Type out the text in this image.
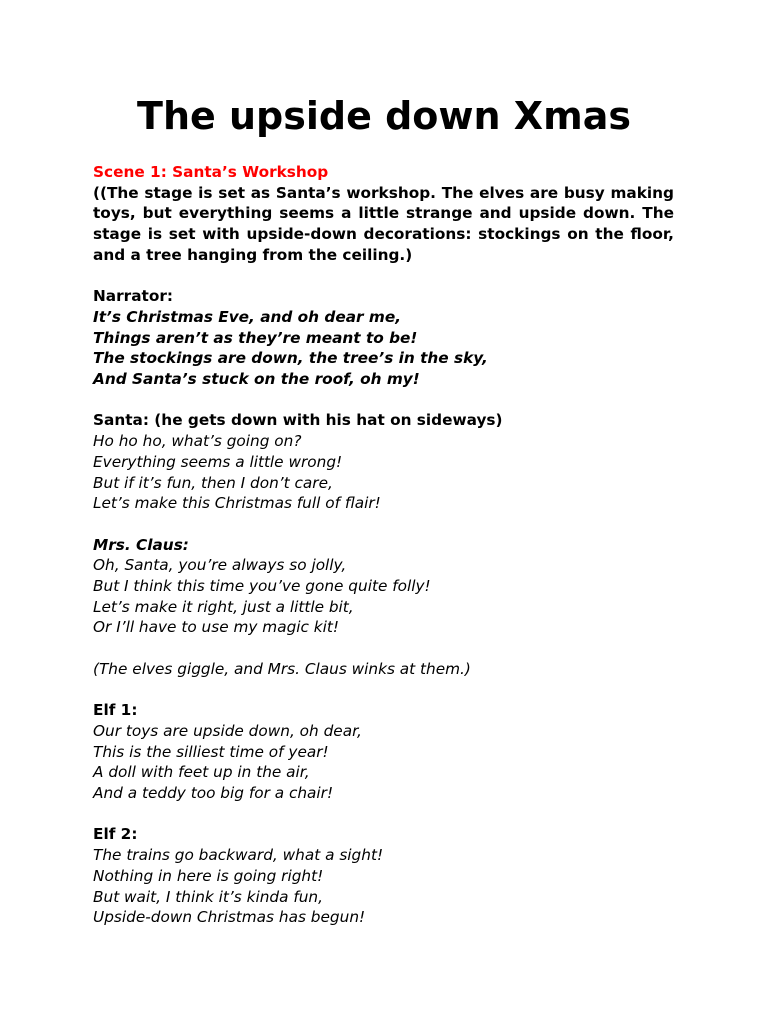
The upside down Xmas

Scene 1: Santa’s Workshop

((The stage is set as Santa’s workshop. The elves are busy making toys, but everything seems a little strange and upside down. The stage is set with upside-down decorations: stockings on the floor, and a tree hanging from the ceiling.)

Narrator:

It’s Christmas Eve, and oh dear me,

Things aren’t as they’re meant to be!

The stockings are down, the tree’s in the sky,

And Santa’s stuck on the roof, oh my!

Santa: (he gets down with his hat on sideways)

Ho ho ho, what’s going on?

Everything seems a little wrong!

But if it’s fun, then I don’t care,

Let’s make this Christmas full of flair!

Mrs. Claus:

Oh, Santa, you’re always so jolly,

But I think this time you’ve gone quite folly!

Let’s make it right, just a little bit,

Or I’ll have to use my magic kit!

(The elves giggle, and Mrs. Claus winks at them.)

Elf 1:

Our toys are upside down, oh dear,

This is the silliest time of year!

A doll with feet up in the air,

And a teddy too big for a chair!

Elf 2:

The trains go backward, what a sight!

Nothing in here is going right!

But wait, I think it’s kinda fun,

Upside-down Christmas has begun!
